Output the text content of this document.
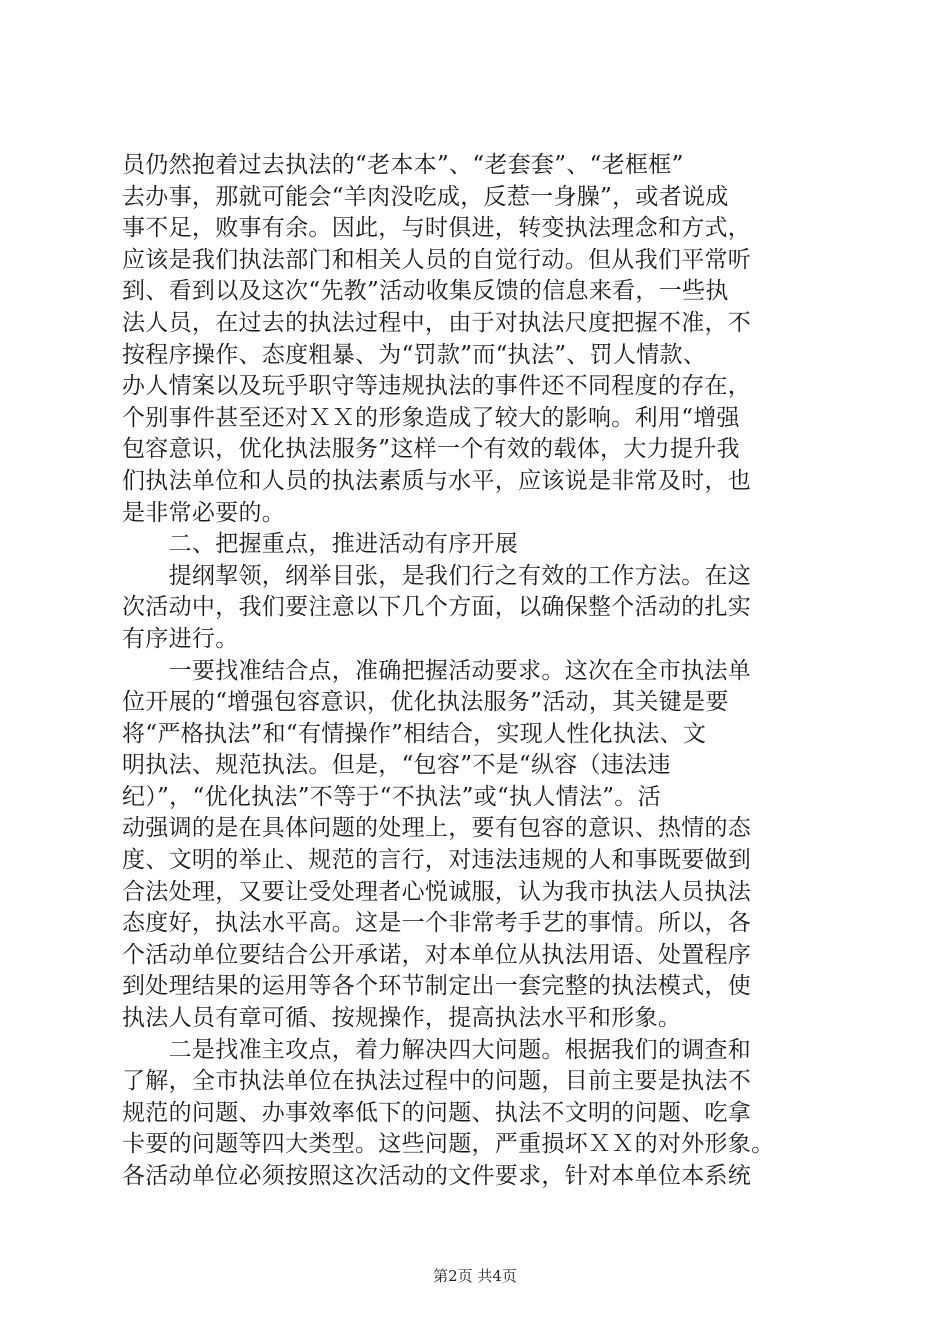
员仍然抱着过去执法的“老本本”、“老套套”、“老框框”
去办事，那就可能会“羊肉没吃成，反惹一身臊”，或者说成
事不足，败事有余。因此，与时俱进，转变执法理念和方式，
应该是我们执法部门和相关人员的自觉行动。但从我们平常听
到、看到以及这次“先教”活动收集反馈的信息来看，一些执
法人员，在过去的执法过程中，由于对执法尺度把握不准，不
按程序操作、态度粗暴、为“罚款”而“执法”、罚人情款、
办人情案以及玩乎职守等违规执法的事件还不同程度的存在，
个别事件甚至还对ＸＸ的形象造成了较大的影响。利用“增强
包容意识，优化执法服务”这样一个有效的载体，大力提升我
们执法单位和人员的执法素质与水平，应该说是非常及时，也
是非常必要的。
　　二、把握重点，推进活动有序开展
　　提纲挈领，纲举目张，是我们行之有效的工作方法。在这
次活动中，我们要注意以下几个方面，以确保整个活动的扎实
有序进行。
　　一要找准结合点，准确把握活动要求。这次在全市执法单
位开展的“增强包容意识，优化执法服务”活动，其关键是要
将“严格执法”和“有情操作”相结合，实现人性化执法、文
明执法、规范执法。但是，“包容”不是“纵容（违法违
纪）”，“优化执法”不等于“不执法”或“执人情法”。活
动强调的是在具体问题的处理上，要有包容的意识、热情的态
度、文明的举止、规范的言行，对违法违规的人和事既要做到
合法处理，又要让受处理者心悦诚服，认为我市执法人员执法
态度好，执法水平高。这是一个非常考手艺的事情。所以，各
个活动单位要结合公开承诺，对本单位从执法用语、处置程序
到处理结果的运用等各个环节制定出一套完整的执法模式，使
执法人员有章可循、按规操作，提高执法水平和形象。
　　二是找准主攻点，着力解决四大问题。根据我们的调查和
了解，全市执法单位在执法过程中的问题，目前主要是执法不
规范的问题、办事效率低下的问题、执法不文明的问题、吃拿
卡要的问题等四大类型。这些问题，严重损坏ＸＸ的对外形象。
各活动单位必须按照这次活动的文件要求，针对本单位本系统
第2页 共4页
